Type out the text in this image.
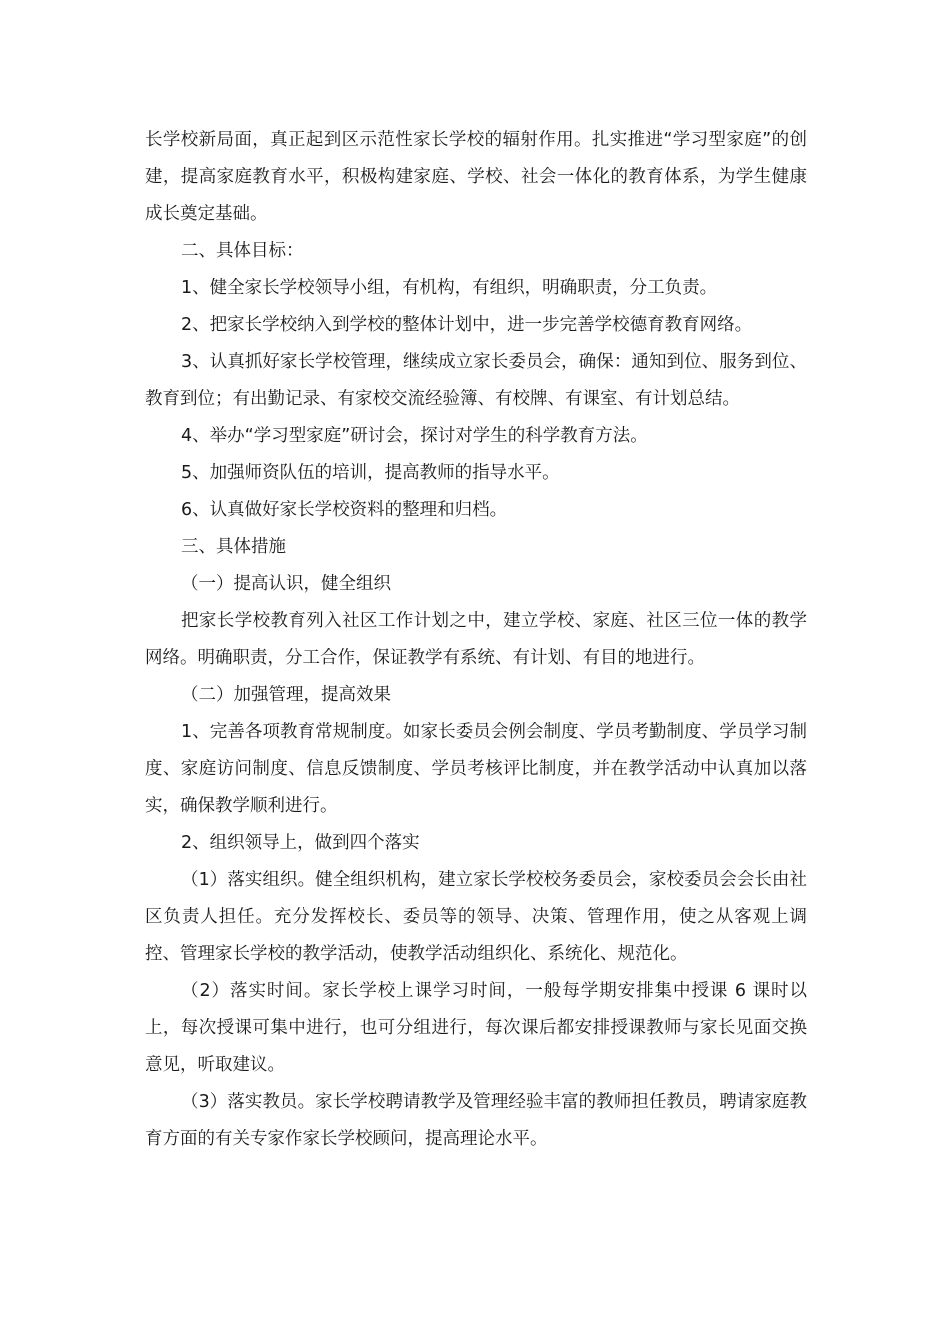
长学校新局面，真正起到区示范性家长学校的辐射作用。扎实推进“学习型家庭”的创建，提高家庭教育水平，积极构建家庭、学校、社会一体化的教育体系，为学生健康成长奠定基础。

二、具体目标：

1、健全家长学校领导小组，有机构，有组织，明确职责，分工负责。

2、把家长学校纳入到学校的整体计划中，进一步完善学校德育教育网络。

3、认真抓好家长学校管理，继续成立家长委员会，确保：通知到位、服务到位、教育到位；有出勤记录、有家校交流经验簿、有校牌、有课室、有计划总结。

4、举办“学习型家庭”研讨会，探讨对学生的科学教育方法。

5、加强师资队伍的培训，提高教师的指导水平。

6、认真做好家长学校资料的整理和归档。

三、具体措施

（一）提高认识，健全组织

把家长学校教育列入社区工作计划之中，建立学校、家庭、社区三位一体的教学网络。明确职责，分工合作，保证教学有系统、有计划、有目的地进行。

（二）加强管理，提高效果

1、完善各项教育常规制度。如家长委员会例会制度、学员考勤制度、学员学习制度、家庭访问制度、信息反馈制度、学员考核评比制度，并在教学活动中认真加以落实，确保教学顺利进行。

2、组织领导上，做到四个落实

（1）落实组织。健全组织机构，建立家长学校校务委员会，家校委员会会长由社区负责人担任。充分发挥校长、委员等的领导、决策、管理作用，使之从客观上调控、管理家长学校的教学活动，使教学活动组织化、系统化、规范化。

（2）落实时间。家长学校上课学习时间，一般每学期安排集中授课 6 课时以上，每次授课可集中进行，也可分组进行，每次课后都安排授课教师与家长见面交换意见，听取建议。

（3）落实教员。家长学校聘请教学及管理经验丰富的教师担任教员，聘请家庭教育方面的有关专家作家长学校顾问，提高理论水平。
